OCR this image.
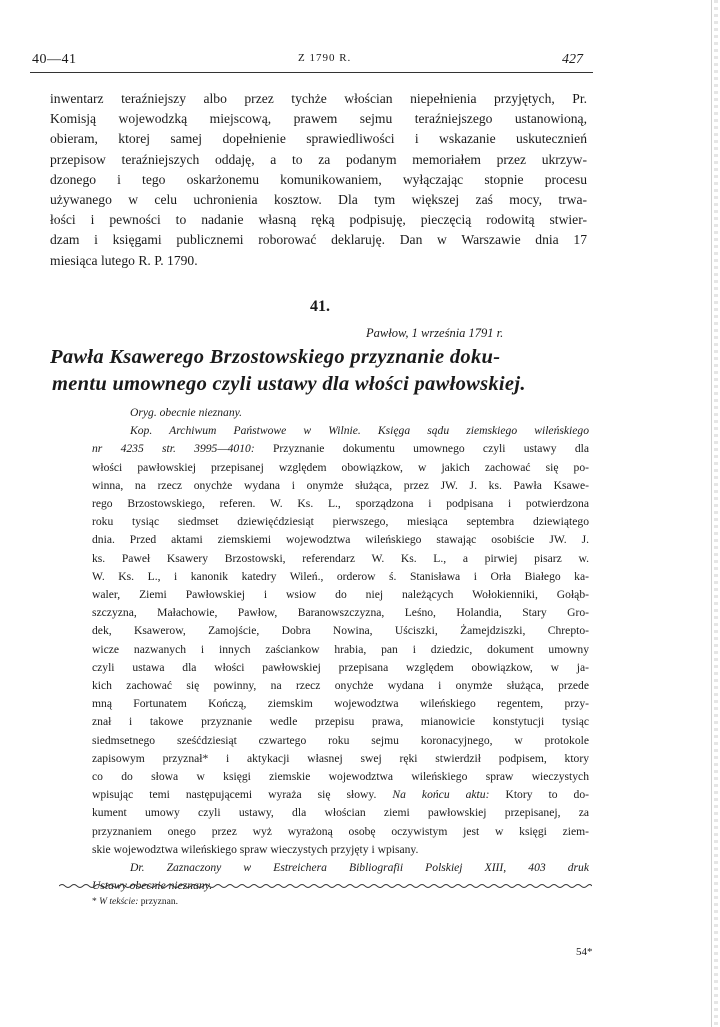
40—41	Z 1790 R.	427
inwentarz teraźniejszy albo przez tychże włościan niepełnienia przyjętych, Pr.
Komisją wojewodzką miejscową, prawem sejmu teraźniejszego ustanowioną,
obieram, ktorej samej dopełnienie sprawiedliwości i wskazanie uskutecznień
przepisow teraźniejszych oddaję, a to za podanym memoriałem przez ukrzyw-
dzonego i tego oskarżonemu komunikowaniem, wyłączając stopnie procesu
używanego w celu uchronienia kosztow. Dla tym większej zaś mocy, trwa-
łości i pewności to nadanie własną ręką podpisuję, pieczęcią rodowitą stwier-
dzam i księgami publicznemi roborować deklaruję. Dan w Warszawie dnia 17
miesiąca lutego R. P. 1790.
41.
Pawłow, 1 września 1791 r.
Pawła Ksawerego Brzostowskiego przyznanie doku-
mentu umownego czyli ustawy dla włości pawłowskiej.
Oryg. obecnie nieznany.
Kop. Archiwum Państwowe w Wilnie. Księga sądu ziemskiego wileńskiego
nr 4235 str. 3995—4010: Przyznanie dokumentu umownego czyli ustawy dla
włości pawłowskiej przepisanej względem obowiązkow, w jakich zachować się po-
winna, na rzecz onychże wydana i onymże służąca, przez JW. J. ks. Pawła Ksawe-
rego Brzostowskiego, referen. W. Ks. L., sporządzona i podpisana i potwierdzona
roku tysiąc siedmset dziewięćdziesiąt pierwszego, miesiąca septembra dziewiątego
dnia. Przed aktami ziemskiemi wojewodztwa wileńskiego stawając osobiście JW. J.
ks. Paweł Ksawery Brzostowski, referendarz W. Ks. L., a pirwiej pisarz w.
W. Ks. L., i kanonik katedry Wileń., orderow ś. Stanisława i Orła Białego ka-
waler, Ziemi Pawłowskiej i wsiow do niej należących Wołokienniki, Gołąb-
szczyzna, Małachowie, Pawłow, Baranowszczyzna, Leśno, Holandia, Stary Gro-
dek, Ksawerow, Zamojście, Dobra Nowina, Uściszki, Żamejdziszki, Chrepto-
wicze nazwanych i innych zaściankow hrabia, pan i dziedzic, dokument umowny
czyli ustawa dla włości pawłowskiej przepisana względem obowiązkow, w ja-
kich zachować się powinny, na rzecz onychże wydana i onymże służąca, przede
mną Fortunatem Kończą, ziemskim wojewodztwa wileńskiego regentem, przy-
znał i takowe przyznanie wedle przepisu prawa, mianowicie konstytucji tysiąc
siedmsetnego sześćdziesiąt czwartego roku sejmu koronacyjnego, w protokole
zapisowym przyznał* i aktykacji własnej swej ręki stwierdził podpisem, ktory
co do słowa w księgi ziemskie wojewodztwa wileńskiego spraw wieczystych
wpisując temi następującemi wyraża się słowy. Na końcu aktu: Ktory to do-
kument umowy czyli ustawy, dla włościan ziemi pawłowskiej przepisanej, za
przyznaniem onego przez wyż wyrażoną osobę oczywistym jest w księgi ziem-
skie wojewodztwa wileńskiego spraw wieczystych przyjęty i wpisany.
Dr. Zaznaczony w Estreichera Bibliografii Polskiej XIII, 403 druk
Ustawy obecnie nieznany.
* W tekście: przyznan.
54*
